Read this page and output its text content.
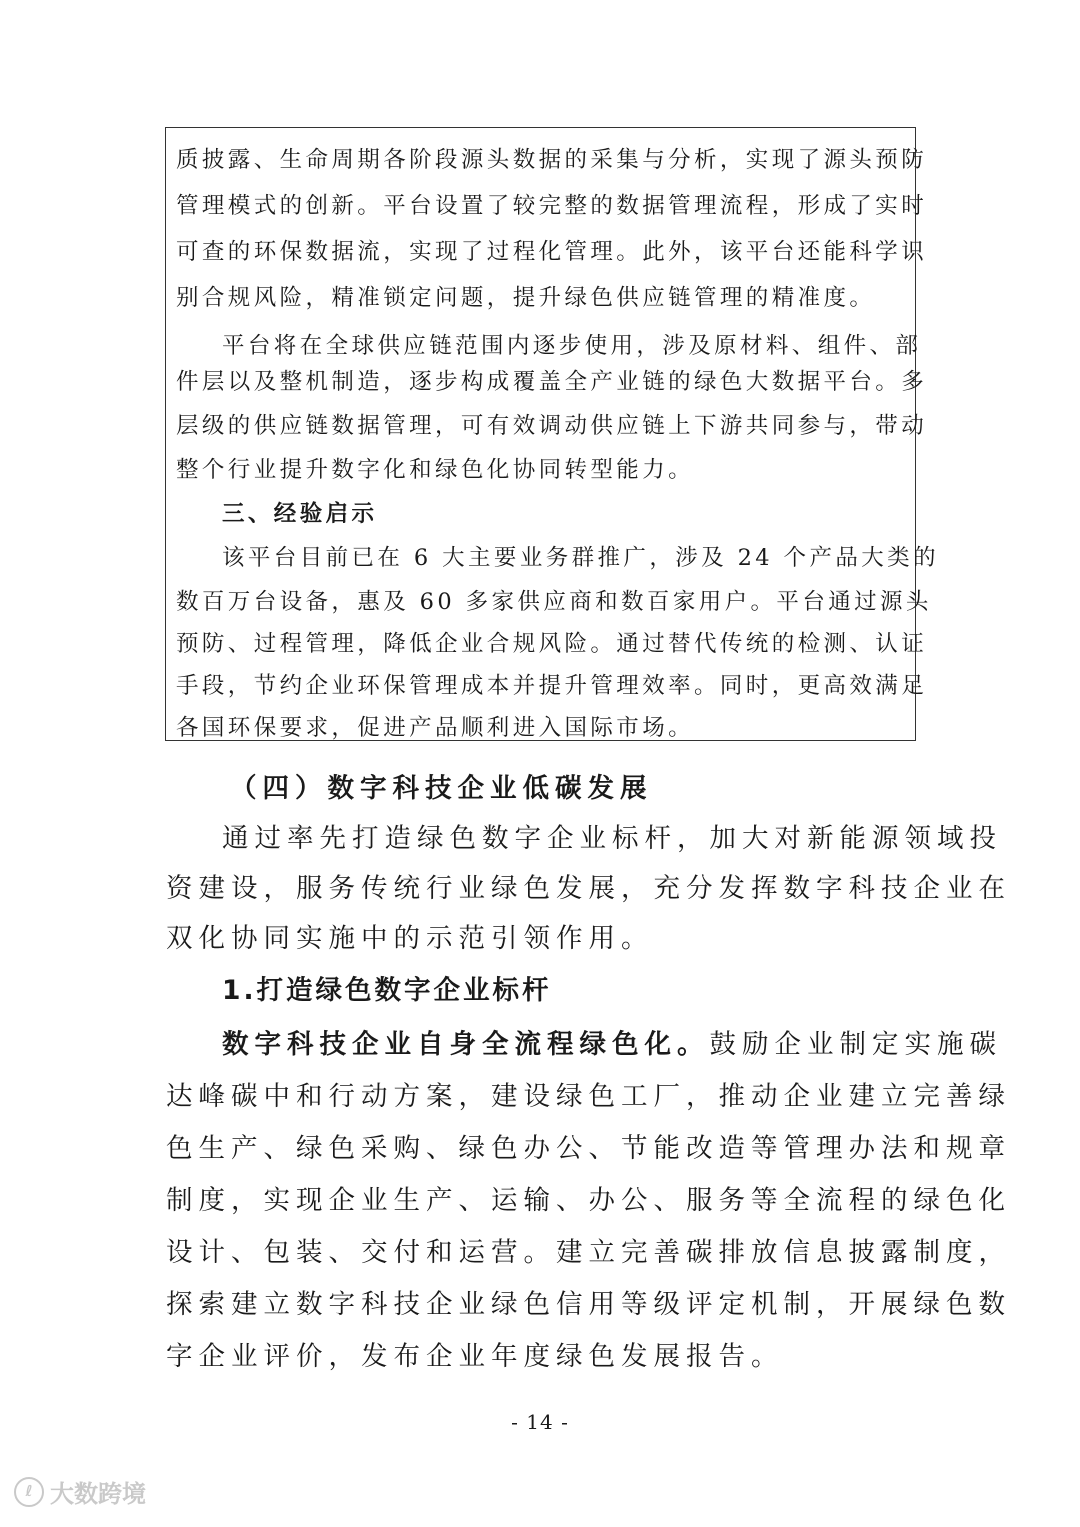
质披露、生命周期各阶段源头数据的采集与分析，实现了源头预防
管理模式的创新。平台设置了较完整的数据管理流程，形成了实时
可查的环保数据流，实现了过程化管理。此外，该平台还能科学识
别合规风险，精准锁定问题，提升绿色供应链管理的精准度。
平台将在全球供应链范围内逐步使用，涉及原材料、组件、部
件层以及整机制造，逐步构成覆盖全产业链的绿色大数据平台。多
层级的供应链数据管理，可有效调动供应链上下游共同参与，带动
整个行业提升数字化和绿色化协同转型能力。
三、经验启示
该平台目前已在 6 大主要业务群推广，涉及 24 个产品大类的
数百万台设备，惠及 60 多家供应商和数百家用户。平台通过源头
预防、过程管理，降低企业合规风险。通过替代传统的检测、认证
手段，节约企业环保管理成本并提升管理效率。同时，更高效满足
各国环保要求，促进产品顺利进入国际市场。
（四）数字科技企业低碳发展
通过率先打造绿色数字企业标杆，加大对新能源领域投
资建设，服务传统行业绿色发展，充分发挥数字科技企业在
双化协同实施中的示范引领作用。
1.打造绿色数字企业标杆
数字科技企业自身全流程绿色化。鼓励企业制定实施碳
达峰碳中和行动方案，建设绿色工厂，推动企业建立完善绿
色生产、绿色采购、绿色办公、节能改造等管理办法和规章
制度，实现企业生产、运输、办公、服务等全流程的绿色化
设计、包装、交付和运营。建立完善碳排放信息披露制度，
探索建立数字科技企业绿色信用等级评定机制，开展绿色数
字企业评价，发布企业年度绿色发展报告。
- 14 -
ℓ 大数跨境
